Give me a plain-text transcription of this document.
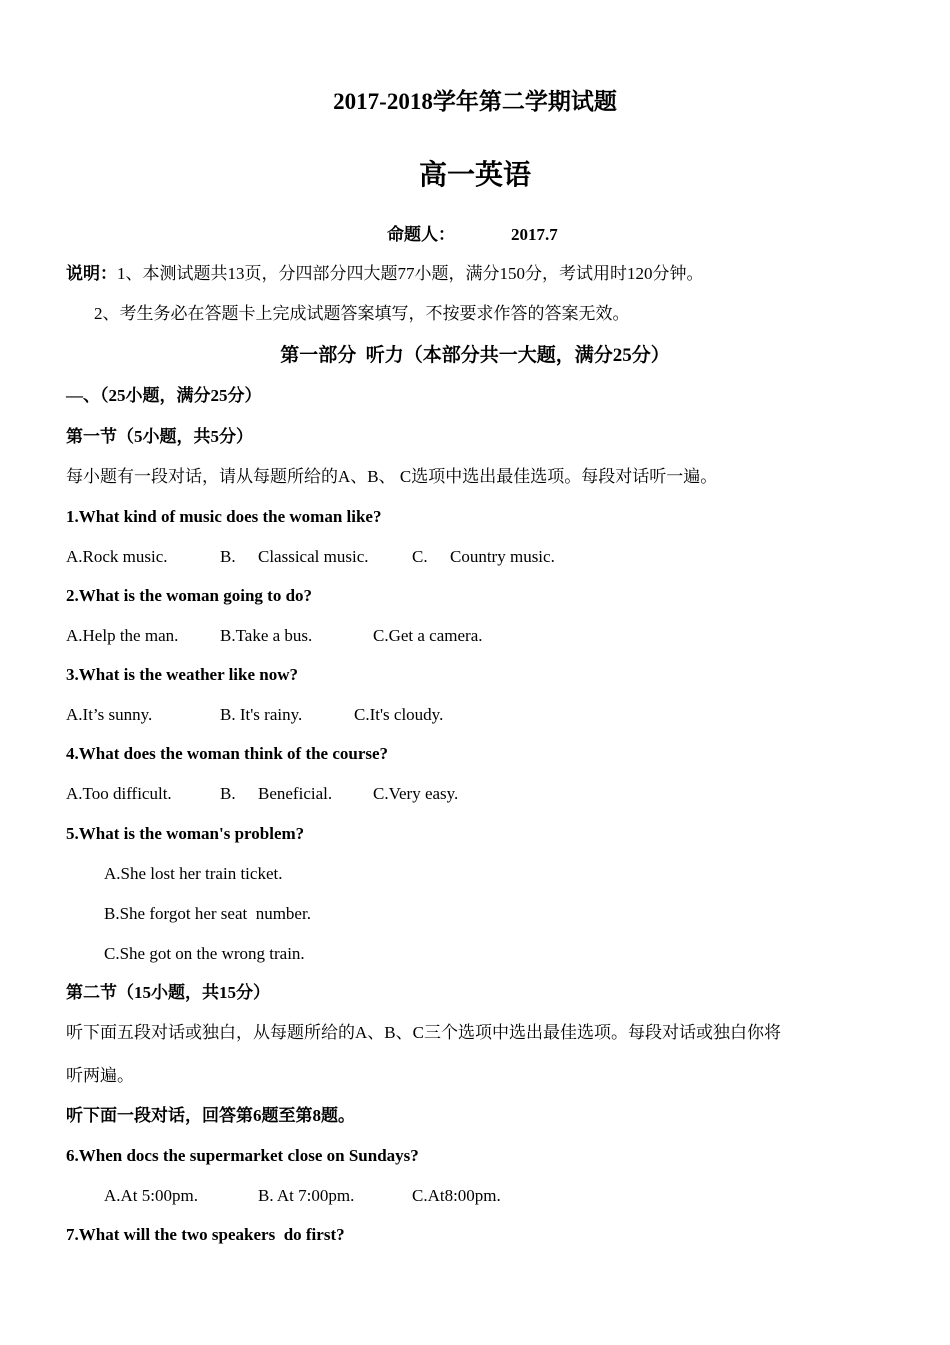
2017-2018学年第二学期试题
高一英语
命题人：	2017.7
说明：1、本测试题共13页，分四部分四大题77小题，满分150分，考试用时120分钟。
2、考生务必在答题卡上完成试题答案填写，不按要求作答的答案无效。
第一部分  听力（本部分共一大题，满分25分）
—、（25小题，满分25分）
第一节（5小题，共5分）
每小题有一段对话，请从每题所给的A、B、 C选项中选出最佳选项。每段对话听一遍。
1.What kind of music does the woman like?
A.Rock music.	B. Classical music.	C. Country music.
2.What is the woman going to do?
A.Help the man. B.Take a bus.	C.Get a camera.
3.What is the weather like now?
A.It’s sunny.	B. It's rainy.	C.It's cloudy.
4.What does the woman think of the course?
A.Too difficult.	B. Beneficial. C.Very easy.
5.What is the woman's problem?
A.She lost her train ticket.
B.She forgot her seat  number.
C.She got on the wrong train.
第二节（15小题，共15分）
听下面五段对话或独白，从每题所给的A、B、C三个选项中选出最佳选项。每段对话或独白你将
听两遍。
听下面一段对话，回答第6题至第8题。
6.When docs the supermarket close on Sundays?
A.At 5:00pm.	B. At 7:00pm.	C.At8:00pm.
7.What will the two speakers  do first?
